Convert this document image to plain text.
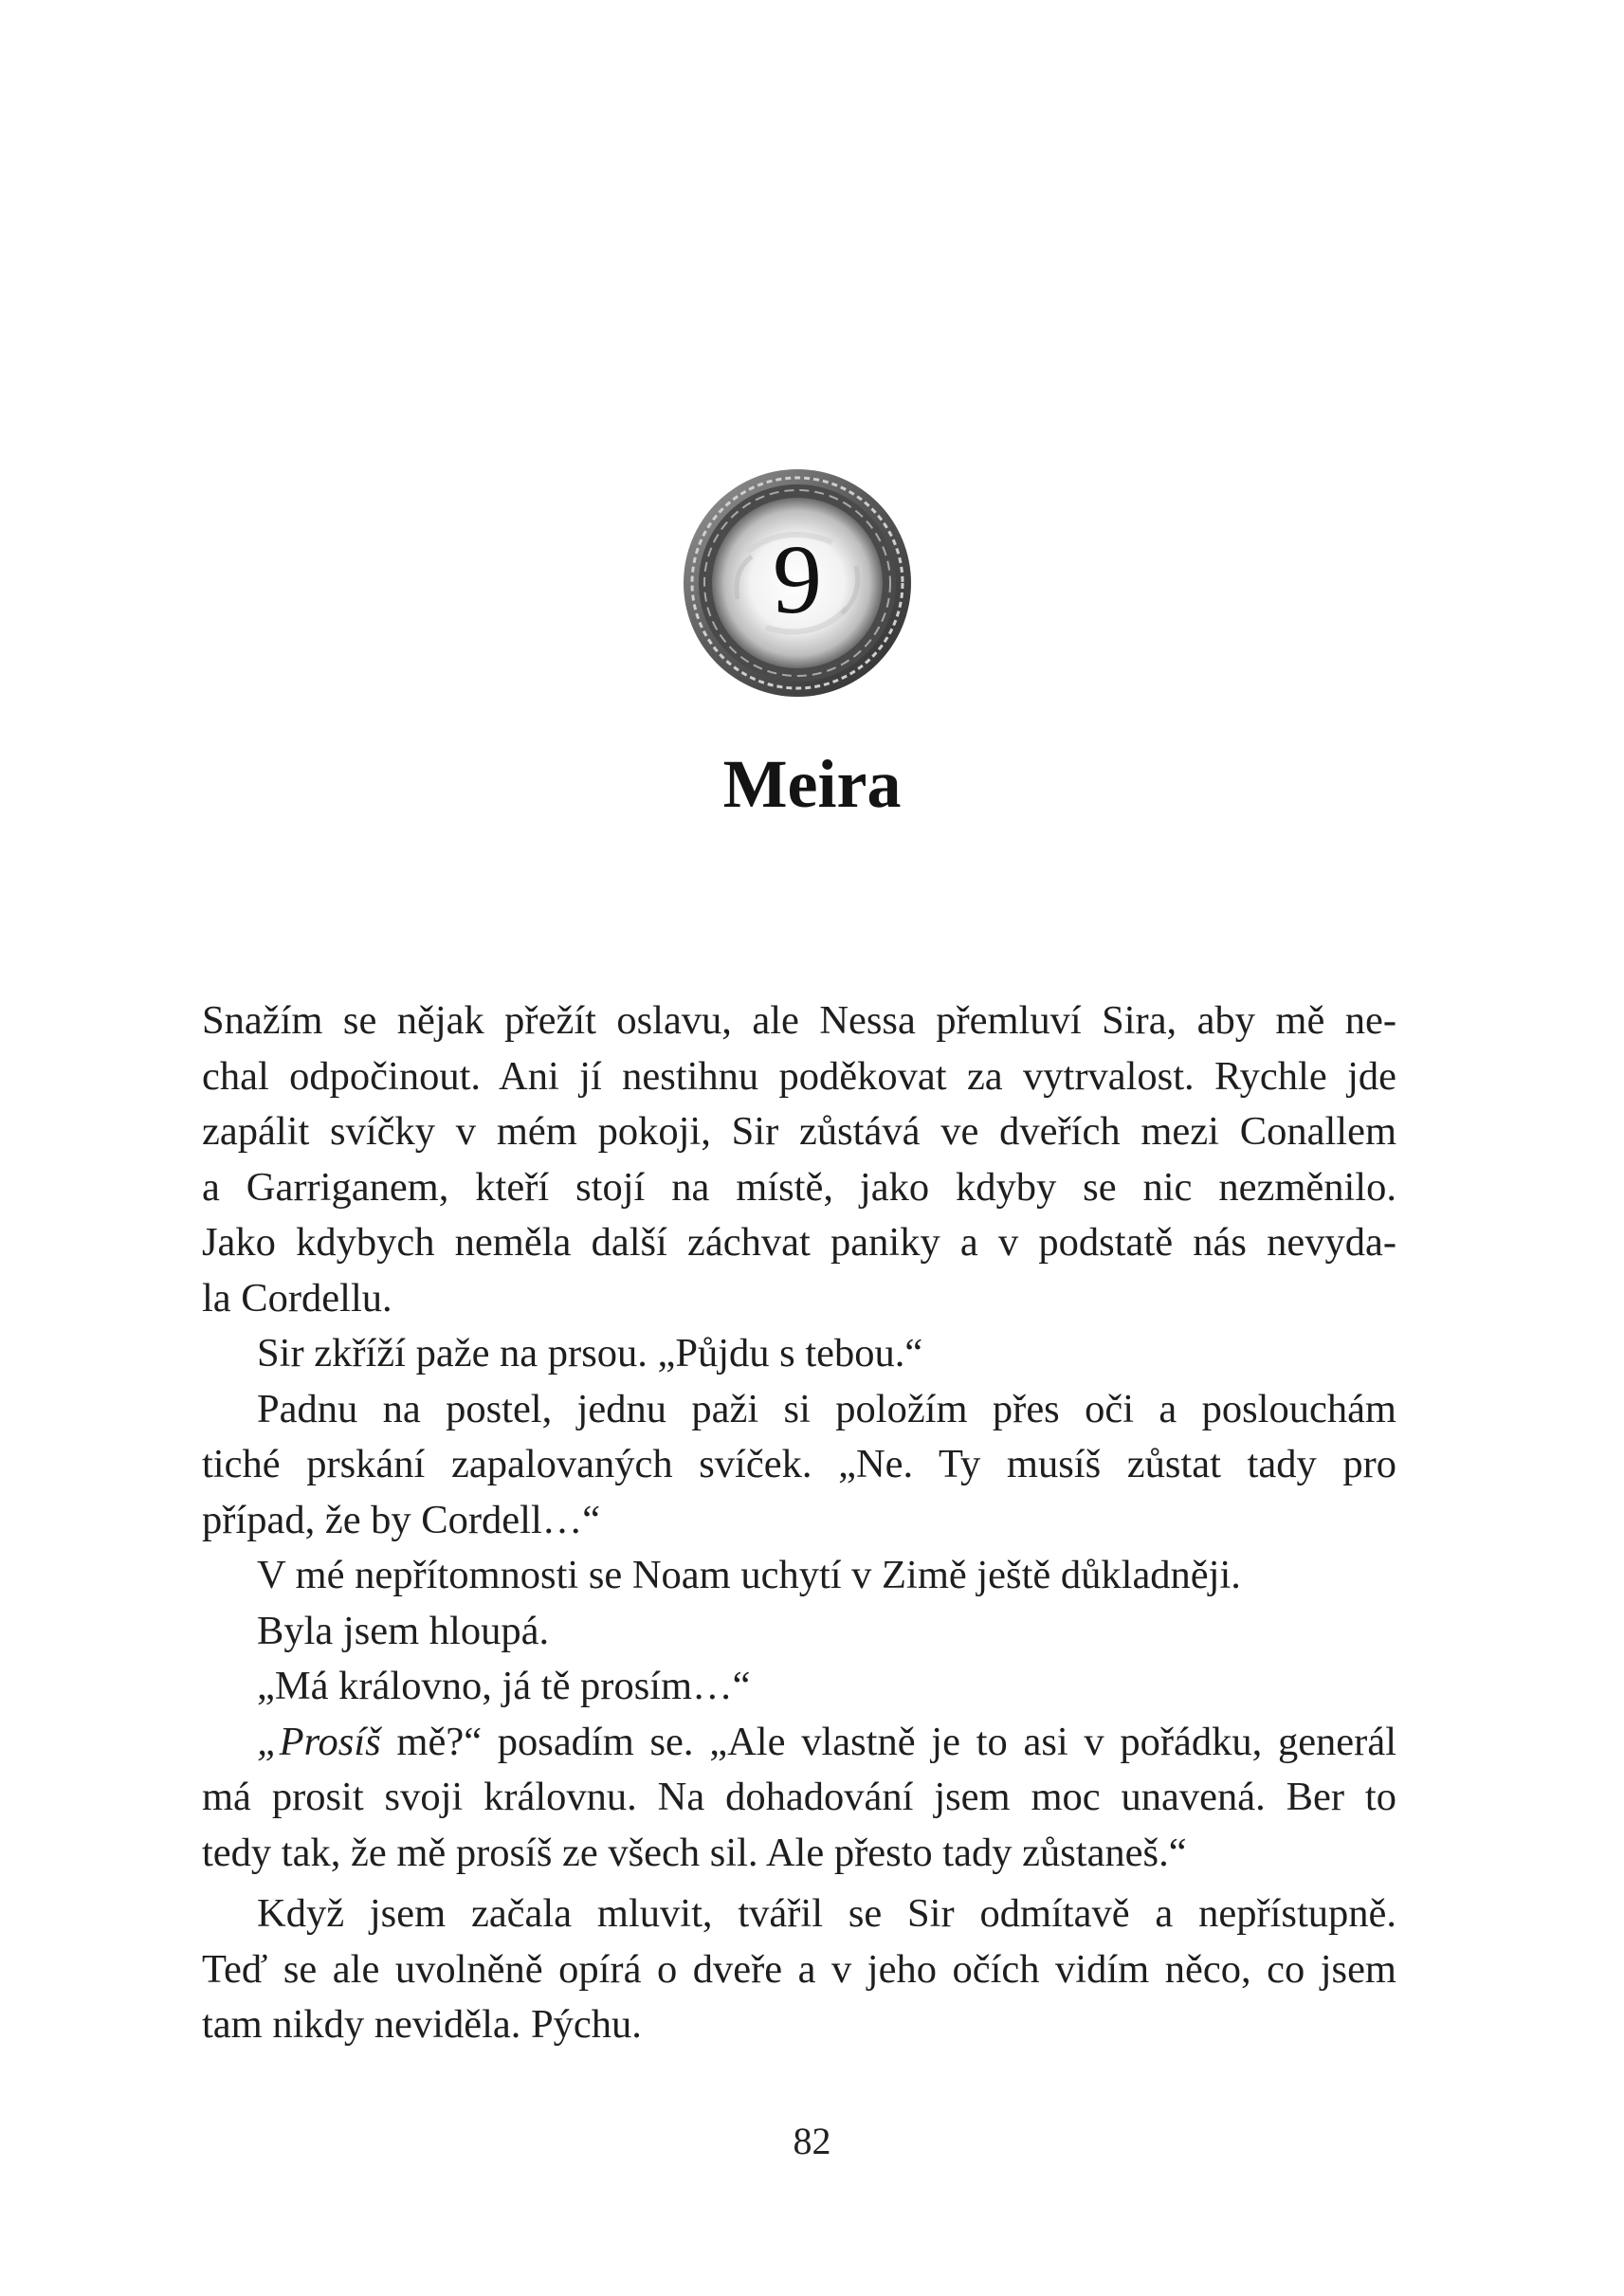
9
Meira

Snažím se nějak přežít oslavu, ale Nessa přemluví Sira, aby mě ne-
chal odpočinout. Ani jí nestihnu poděkovat za vytrvalost. Rychle jde
zapálit svíčky v mém pokoji, Sir zůstává ve dveřích mezi Conallem
a Garriganem, kteří stojí na místě, jako kdyby se nic nezměnilo.
Jako kdybych neměla další záchvat paniky a v podstatě nás nevyda-
la Cordellu.

Sir zkříží paže na prsou. „Půjdu s tebou.“

Padnu na postel, jednu paži si položím přes oči a poslouchám
tiché prskání zapalovaných svíček. „Ne. Ty musíš zůstat tady pro
případ, že by Cordell…“

V mé nepřítomnosti se Noam uchytí v Zimě ještě důkladněji.

Byla jsem hloupá.

„Má královno, já tě prosím…“

„Prosíš mě?“ posadím se. „Ale vlastně je to asi v pořádku, generál
má prosit svoji královnu. Na dohadování jsem moc unavená. Ber to
tedy tak, že mě prosíš ze všech sil. Ale přesto tady zůstaneš.“

Když jsem začala mluvit, tvářil se Sir odmítavě a nepřístupně.
Teď se ale uvolněně opírá o dveře a v jeho očích vidím něco, co jsem
tam nikdy neviděla. Pýchu.

82
